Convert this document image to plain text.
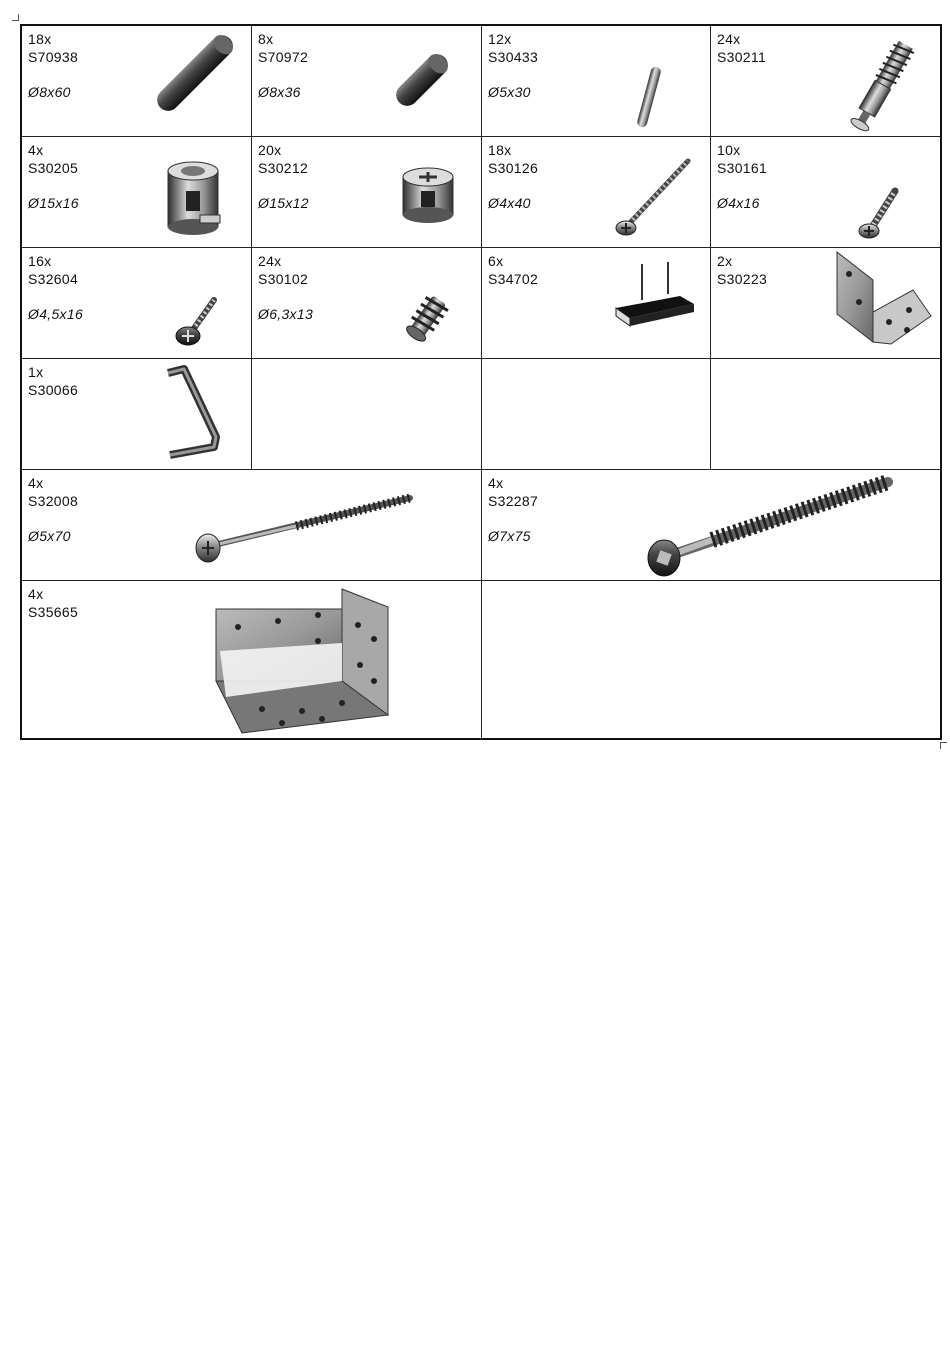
18x
S70938
Ø8x60
8x
S70972
Ø8x36
12x
S30433
Ø5x30
24x
S30211
4x
S30205
Ø15x16
20x
S30212
Ø15x12
18x
S30126
Ø4x40
10x
S30161
Ø4x16
16x
S32604
Ø4,5x16
24x
S30102
Ø6,3x13
6x
S34702
2x
S30223
1x
S30066
4x
S32008
Ø5x70
4x
S32287
Ø7x75
4x
S35665
